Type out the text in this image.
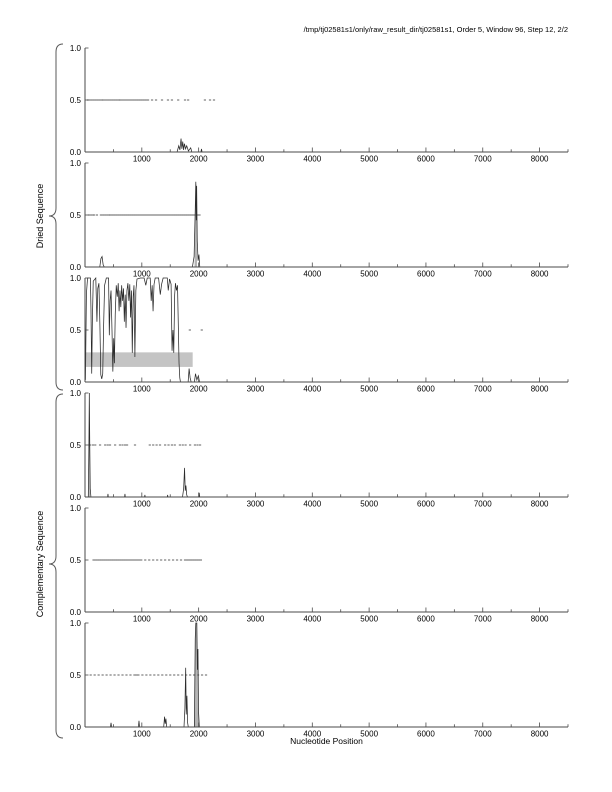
/tmp/tj02581s1/only/raw_result_dir/tj02581s1, Order 5, Window 96, Step 12, 2/2
0.0
0.5
1.0
1000	2000	3000	4000	5000	6000	7000	8000
0.0
0.5
1.0
1000	2000	3000	4000	5000	6000	7000	8000
0.0
0.5
1.0
1000	2000	3000	4000	5000	6000	7000	8000
0.0
0.5
1.0
1000	2000	3000	4000	5000	6000	7000	8000
0.0
0.5
1.0
1000	2000	3000	4000	5000	6000	7000	8000
0.0
0.5
1.0
1000	2000	3000	4000	5000	6000	7000	8000
Dried Sequence
Complementary Sequence
Nucleotide Position
